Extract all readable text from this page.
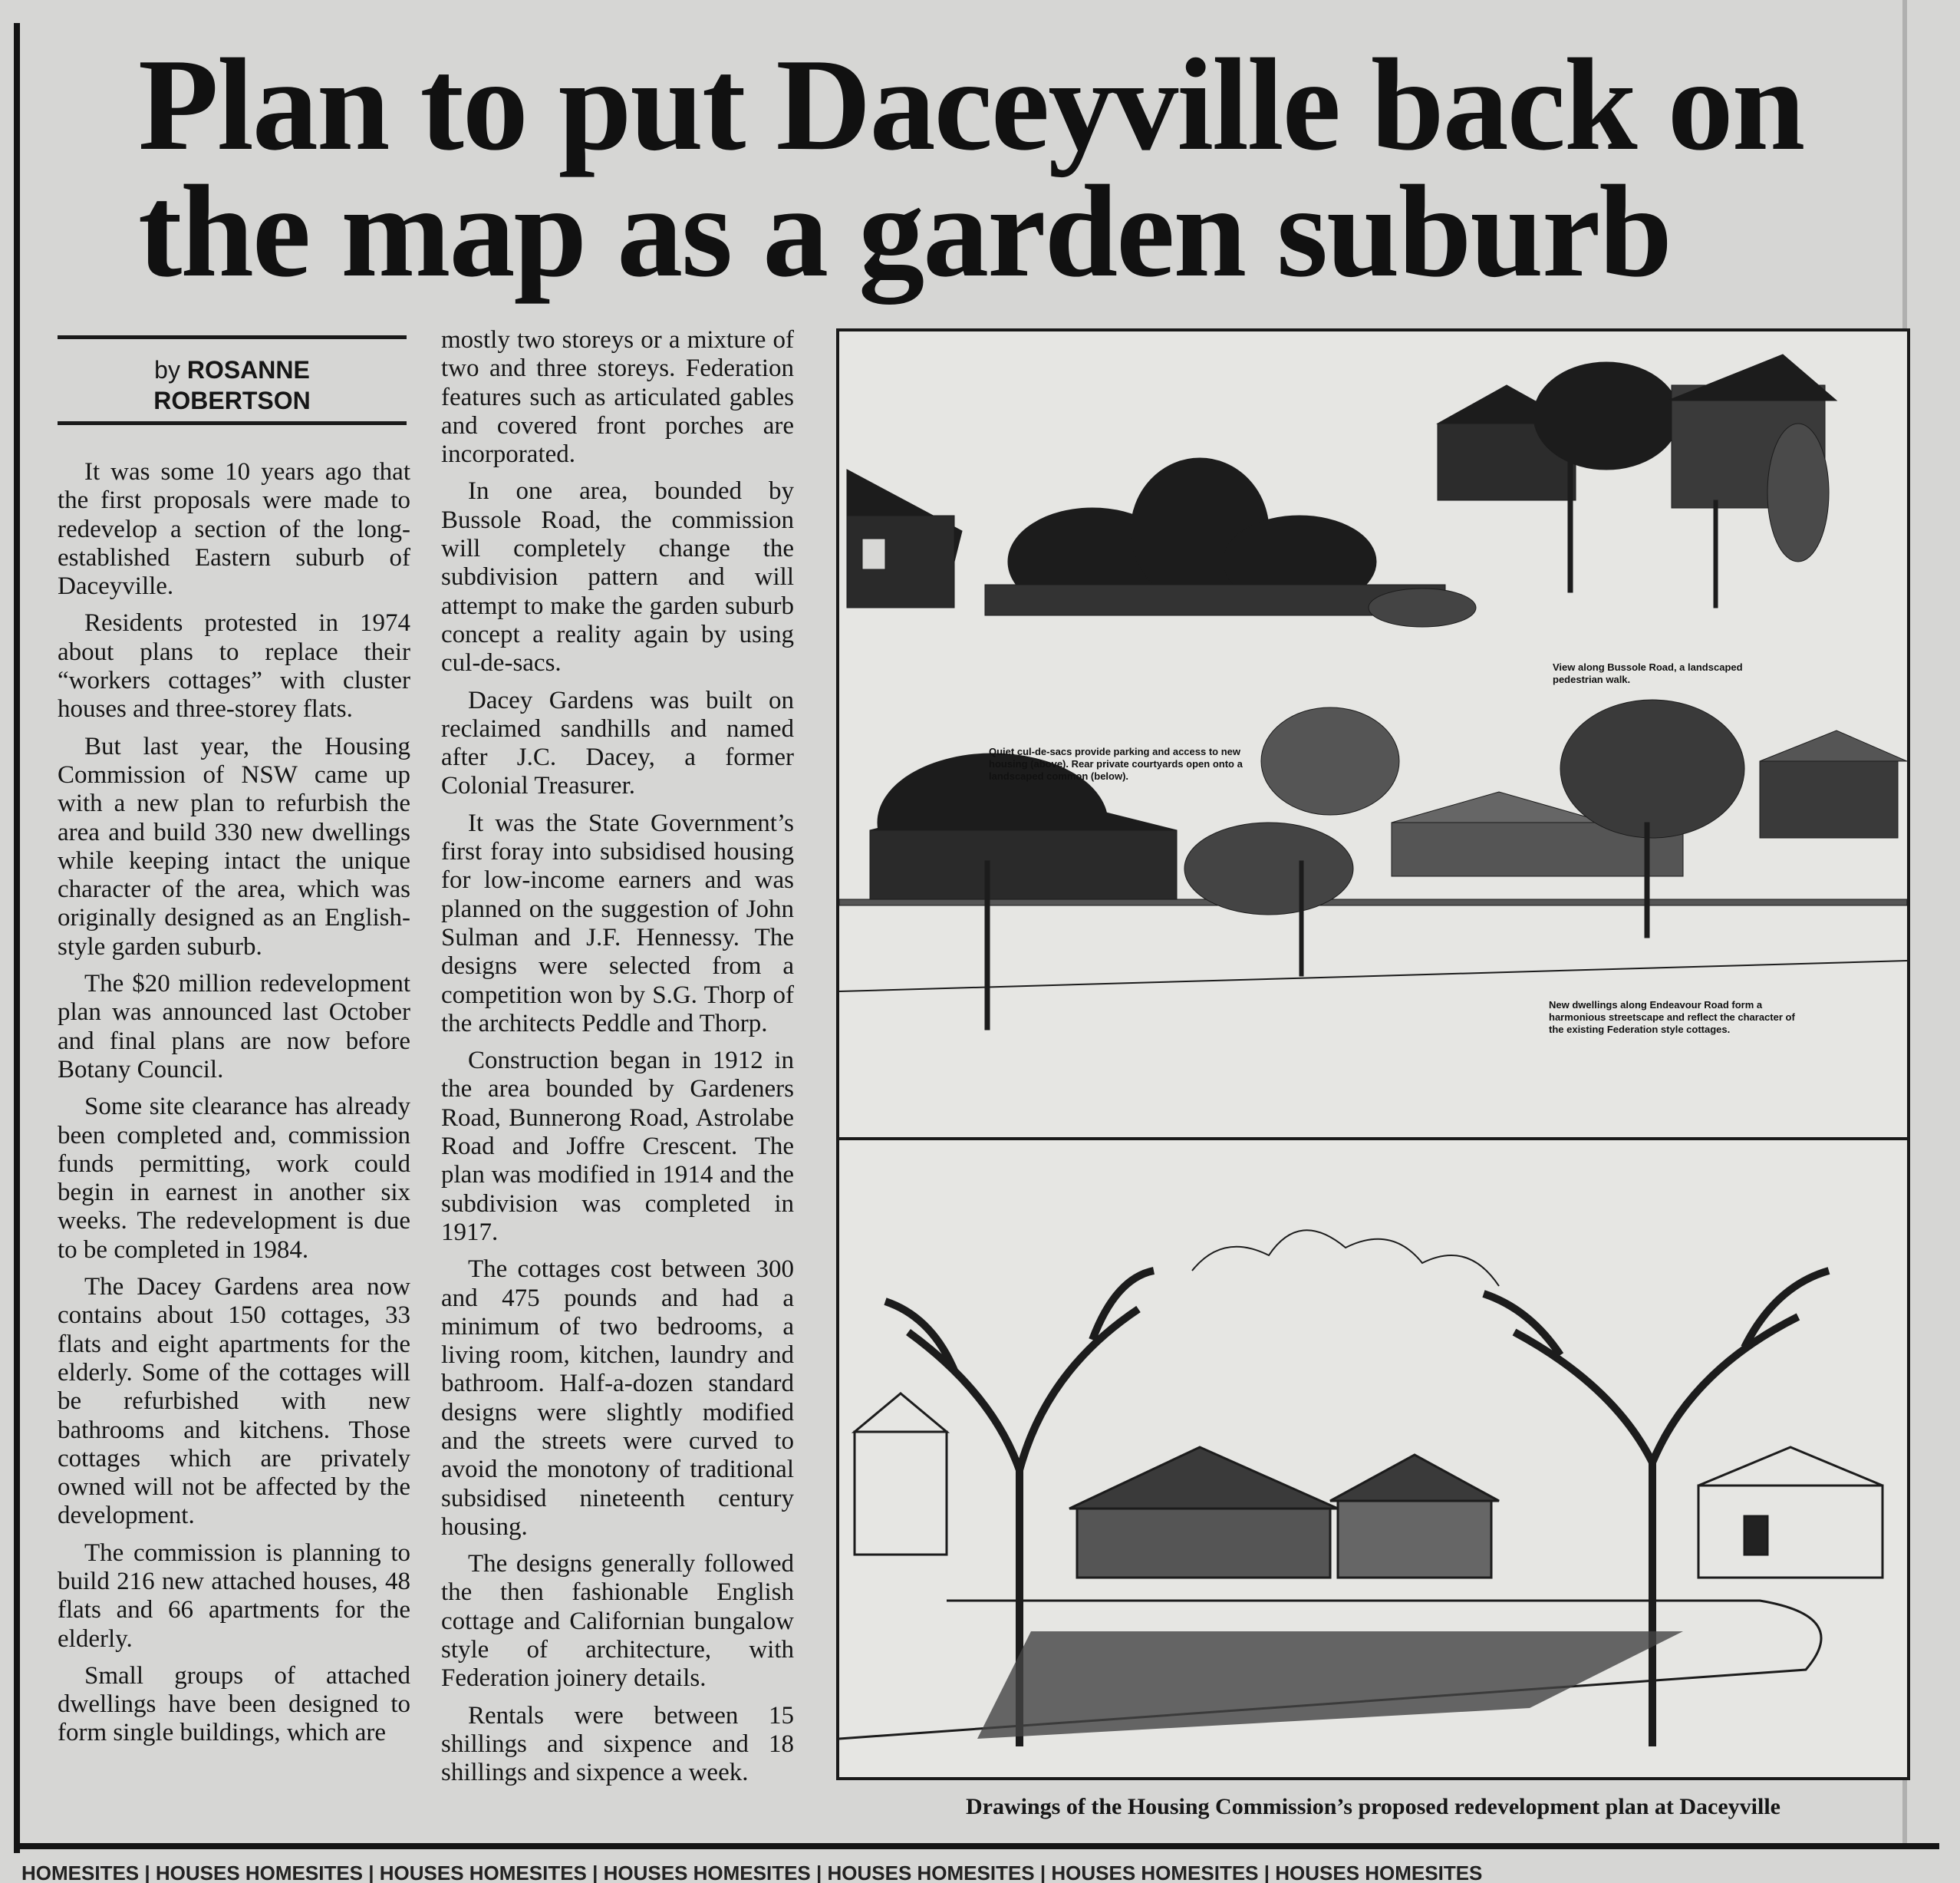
Plan to put Daceyville back on
the map as a garden suburb
by ROSANNE
ROBERTSON

It was some 10 years ago that the first proposals were made to redevelop a section of the long-established Eastern suburb of Daceyville.

Residents protested in 1974 about plans to replace their “workers cottages” with cluster houses and three-storey flats.

But last year, the Housing Commission of NSW came up with a new plan to refurbish the area and build 330 new dwellings while keeping intact the unique character of the area, which was originally designed as an English-style garden suburb.

The $20 million redevelopment plan was announced last October and final plans are now before Botany Council.

Some site clearance has already been completed and, commission funds permitting, work could begin in earnest in another six weeks. The redevelopment is due to be completed in 1984.

The Dacey Gardens area now contains about 150 cottages, 33 flats and eight apartments for the elderly. Some of the cottages will be refurbished with new bathrooms and kitchens. Those cottages which are privately owned will not be affected by the development.

The commission is planning to build 216 new attached houses, 48 flats and 66 apartments for the elderly.

Small groups of attached dwellings have been designed to form single buildings, which are

mostly two storeys or a mixture of two and three storeys. Federation features such as articulated gables and covered front porches are incorporated.

In one area, bounded by Bussole Road, the commission will completely change the subdivision pattern and will attempt to make the garden suburb concept a reality again by using cul-de-sacs.

Dacey Gardens was built on reclaimed sandhills and named after J.C. Dacey, a former Colonial Treasurer.

It was the State Government’s first foray into subsidised housing for low-income earners and was planned on the suggestion of John Sulman and J.F. Hennessy. The designs were selected from a competition won by S.G. Thorp of the architects Peddle and Thorp.

Construction began in 1912 in the area bounded by Gardeners Road, Bunnerong Road, Astrolabe Road and Joffre Crescent. The plan was modified in 1914 and the subdivision was completed in 1917.

The cottages cost between 300 and 475 pounds and had a minimum of two bedrooms, a living room, kitchen, laundry and bathroom. Half-a-dozen standard designs were slightly modified and the streets were curved to avoid the monotony of traditional subsidised nineteenth century housing.

The designs generally followed the then fashionable English cottage and Californian bungalow style of architecture, with Federation joinery details.

Rentals were between 15 shillings and sixpence and 18 shillings and sixpence a week.

View along Bussole Road, a landscaped pedestrian walk.
Quiet cul-de-sacs provide parking and access to new housing (above). Rear private courtyards open onto a landscaped common (below).
New dwellings along Endeavour Road form a harmonious streetscape and reflect the character of the existing Federation style cottages.
Drawings of the Housing Commission’s proposed redevelopment plan at Daceyville
HOMESITES | HOUSES HOMESITES | HOUSES HOMESITES | HOUSES HOMESITES | HOUSES HOMESITES | HOUSES HOMESITES | HOUSES HOMESITES
